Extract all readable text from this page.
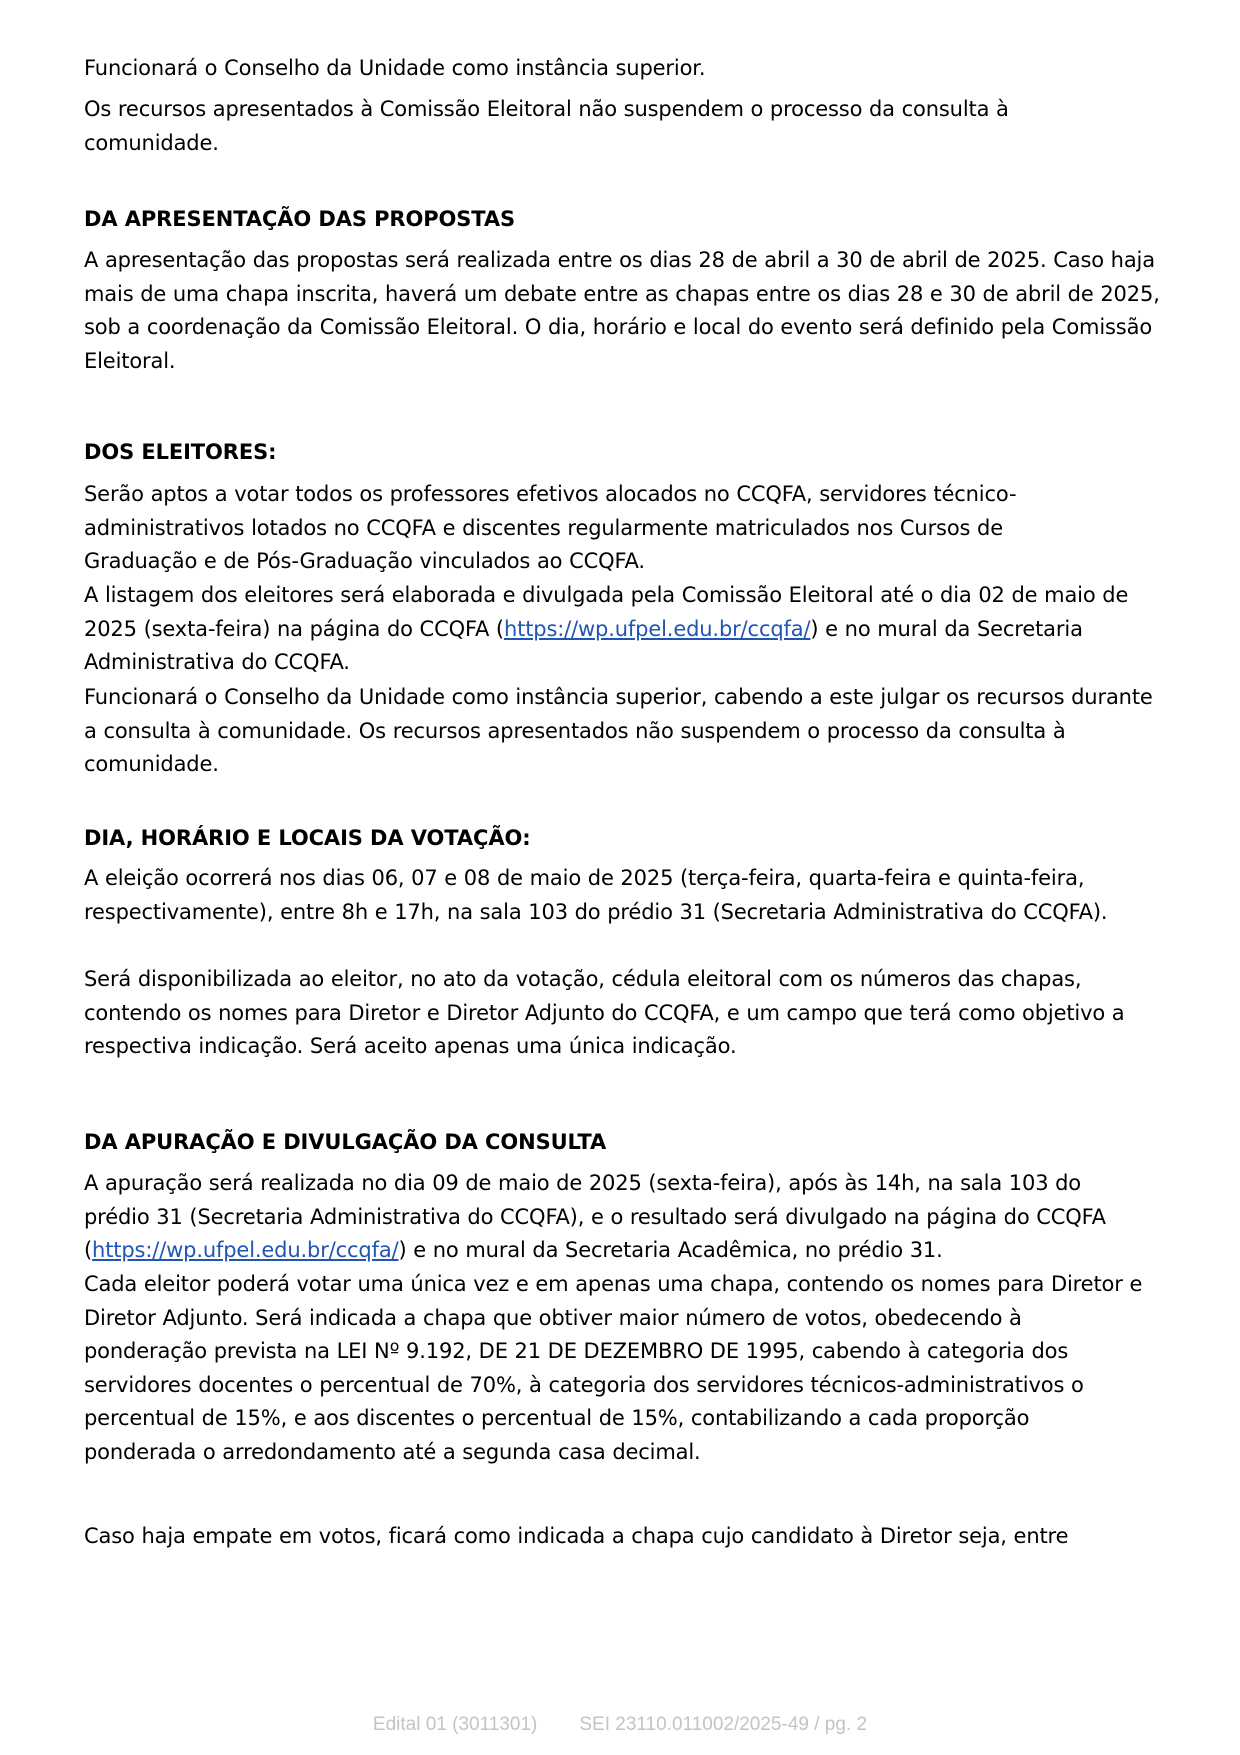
Funcionará o Conselho da Unidade como instância superior.

Os recursos apresentados à Comissão Eleitoral não suspendem o processo da consulta à comunidade.

DA APRESENTAÇÃO DAS PROPOSTAS

A apresentação das propostas será realizada entre os dias 28 de abril a 30 de abril de 2025. Caso haja mais de uma chapa inscrita, haverá um debate entre as chapas entre os dias 28 e 30 de abril de 2025, sob a coordenação da Comissão Eleitoral. O dia, horário e local do evento será definido pela Comissão Eleitoral.

DOS ELEITORES:

Serão aptos a votar todos os professores efetivos alocados no CCQFA, servidores técnico-administrativos lotados no CCQFA e discentes regularmente matriculados nos Cursos de Graduação e de Pós-Graduação vinculados ao CCQFA.

A listagem dos eleitores será elaborada e divulgada pela Comissão Eleitoral até o dia 02 de maio de 2025 (sexta-feira) na página do CCQFA (https://wp.ufpel.edu.br/ccqfa/) e no mural da Secretaria Administrativa do CCQFA.

Funcionará o Conselho da Unidade como instância superior, cabendo a este julgar os recursos durante a consulta à comunidade. Os recursos apresentados não suspendem o processo da consulta à comunidade.

DIA, HORÁRIO E LOCAIS DA VOTAÇÃO:

A eleição ocorrerá nos dias 06, 07 e 08 de maio de 2025 (terça-feira, quarta-feira e quinta-feira, respectivamente), entre 8h e 17h, na sala 103 do prédio 31 (Secretaria Administrativa do CCQFA).

Será disponibilizada ao eleitor, no ato da votação, cédula eleitoral com os números das chapas, contendo os nomes para Diretor e Diretor Adjunto do CCQFA, e um campo que terá como objetivo a respectiva indicação. Será aceito apenas uma única indicação.

DA APURAÇÃO E DIVULGAÇÃO DA CONSULTA

A apuração será realizada no dia 09 de maio de 2025 (sexta-feira), após às 14h, na sala 103 do prédio 31 (Secretaria Administrativa do CCQFA), e o resultado será divulgado na página do CCQFA (https://wp.ufpel.edu.br/ccqfa/) e no mural da Secretaria Acadêmica, no prédio 31.

Cada eleitor poderá votar uma única vez e em apenas uma chapa, contendo os nomes para Diretor e Diretor Adjunto. Será indicada a chapa que obtiver maior número de votos, obedecendo à ponderação prevista na LEI Nº 9.192, DE 21 DE DEZEMBRO DE 1995, cabendo à categoria dos servidores docentes o percentual de 70%, à categoria dos servidores técnicos-administrativos o percentual de 15%, e aos discentes o percentual de 15%, contabilizando a cada proporção ponderada o arredondamento até a segunda casa decimal.

Caso haja empate em votos, ficará como indicada a chapa cujo candidato à Diretor seja, entre

Edital 01 (3011301) SEI 23110.011002/2025-49 / pg. 2
